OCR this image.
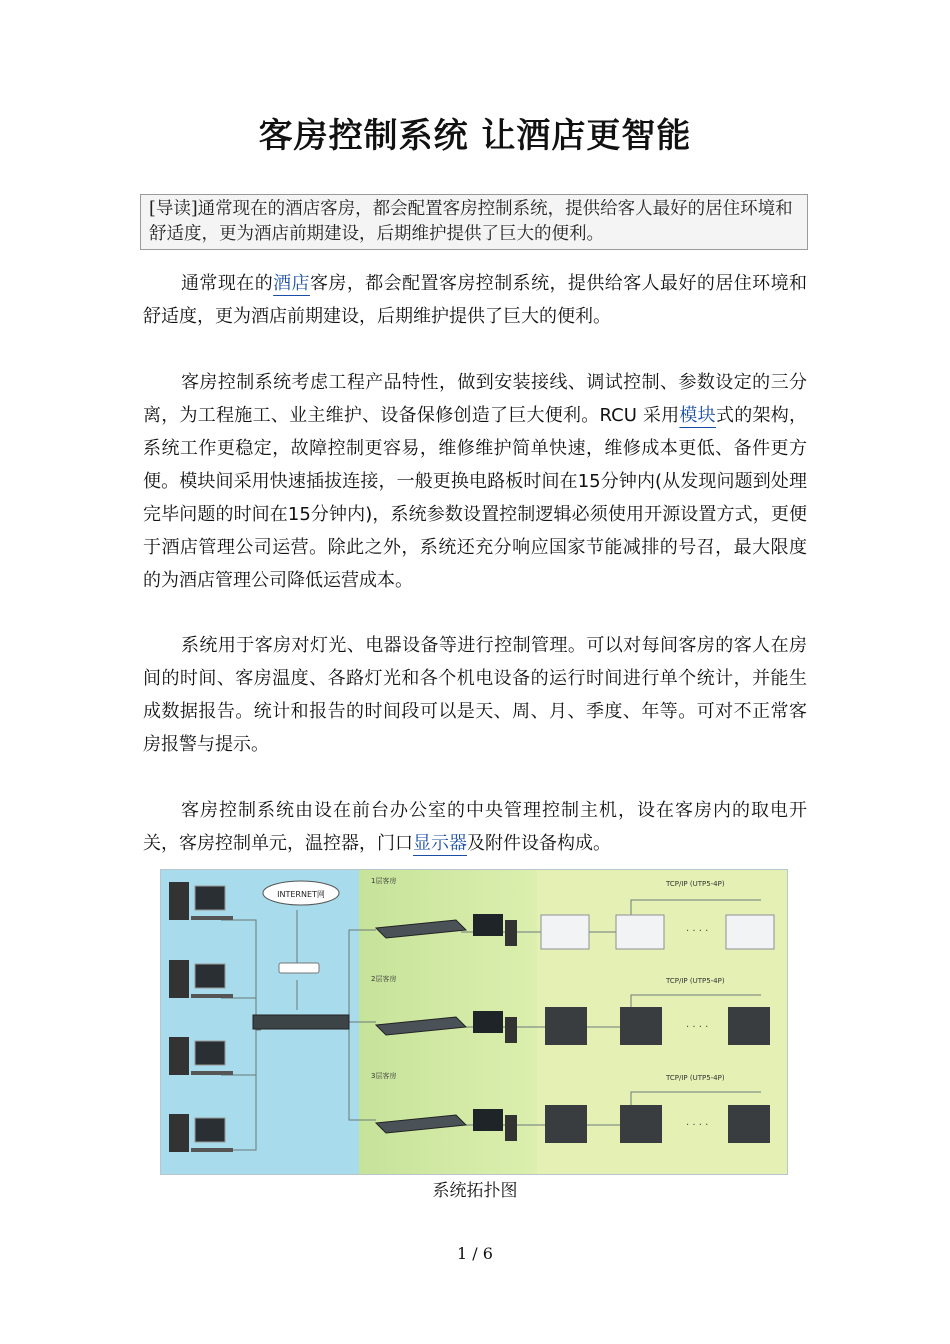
客房控制系统 让酒店更智能
[导读]通常现在的酒店客房，都会配置客房控制系统，提供给客人最好的居住环境和舒适度，更为酒店前期建设，后期维护提供了巨大的便利。

通常现在的酒店客房，都会配置客房控制系统，提供给客人最好的居住环境和舒适度，更为酒店前期建设，后期维护提供了巨大的便利。

客房控制系统考虑工程产品特性，做到安装接线、调试控制、参数设定的三分离，为工程施工、业主维护、设备保修创造了巨大便利。RCU 采用模块式的架构，系统工作更稳定，故障控制更容易，维修维护简单快速，维修成本更低、备件更方便。模块间采用快速插拔连接，一般更换电路板时间在15分钟内(从发现问题到处理完毕问题的时间在15分钟内)，系统参数设置控制逻辑必须使用开源设置方式，更便于酒店管理公司运营。除此之外，系统还充分响应国家节能减排的号召，最大限度的为酒店管理公司降低运营成本。

系统用于客房对灯光、电器设备等进行控制管理。可以对每间客房的客人在房间的时间、客房温度、各路灯光和各个机电设备的运行时间进行单个统计，并能生成数据报告。统计和报告的时间段可以是天、周、月、季度、年等。可对不正常客房报警与提示。

客房控制系统由设在前台办公室的中央管理控制主机，设在客房内的取电开关，客房控制单元，温控器，门口显示器及附件设备构成。

INTERNET网
1层客房
2层客房
3层客房
TCP/IP (UTP5-4P)
TCP/IP (UTP5-4P)
TCP/IP (UTP5-4P)
· · · ·
· · · ·
· · · ·
系统拓扑图
1 / 6
